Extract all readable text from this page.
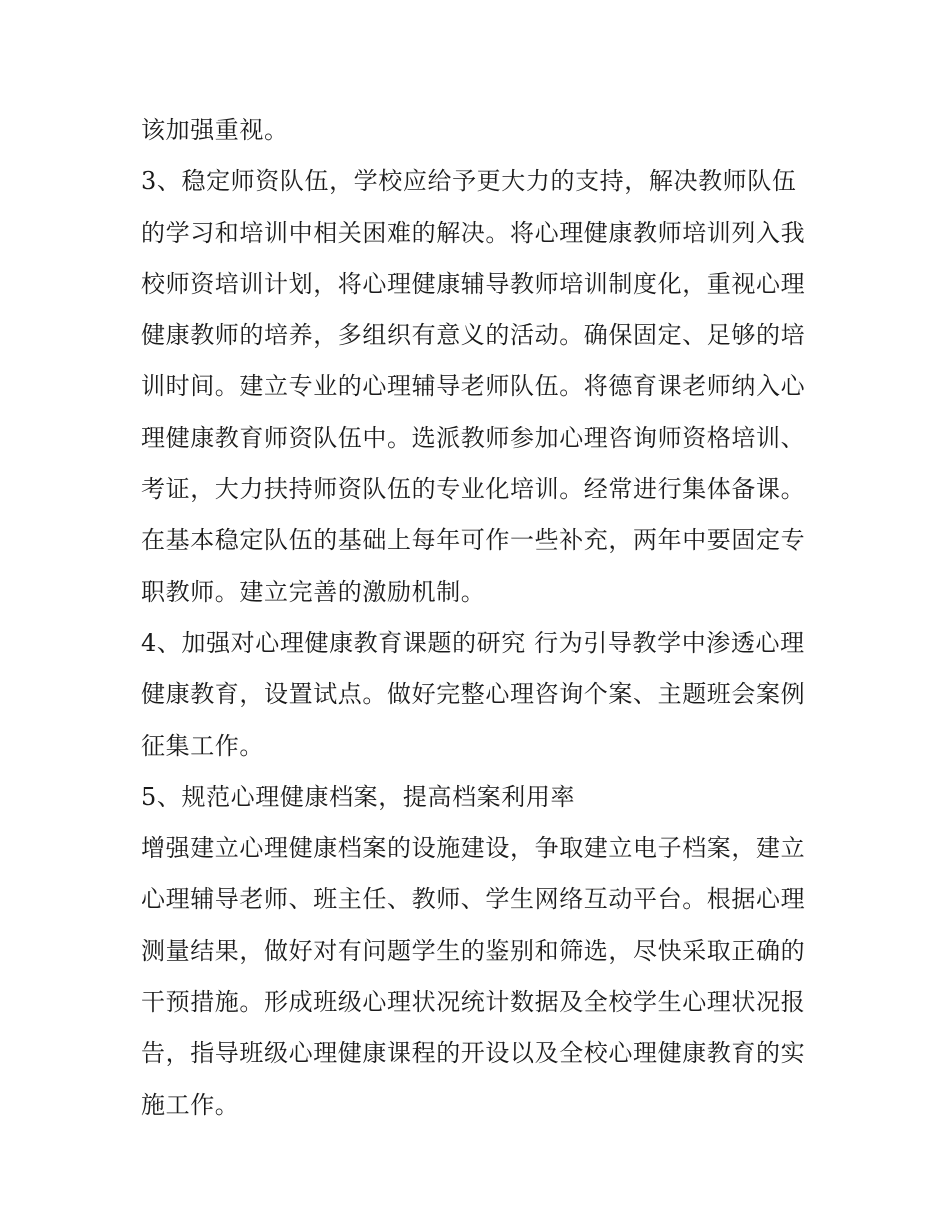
该加强重视。
3、稳定师资队伍，学校应给予更大力的支持，解决教师队伍
的学习和培训中相关困难的解决。将心理健康教师培训列入我
校师资培训计划，将心理健康辅导教师培训制度化，重视心理
健康教师的培养，多组织有意义的活动。确保固定、足够的培
训时间。建立专业的心理辅导老师队伍。将德育课老师纳入心
理健康教育师资队伍中。选派教师参加心理咨询师资格培训、
考证，大力扶持师资队伍的专业化培训。经常进行集体备课。
在基本稳定队伍的基础上每年可作一些补充，两年中要固定专
职教师。建立完善的激励机制。
4、加强对心理健康教育课题的研究 行为引导教学中渗透心理
健康教育，设置试点。做好完整心理咨询个案、主题班会案例
征集工作。
5、规范心理健康档案，提高档案利用率
增强建立心理健康档案的设施建设，争取建立电子档案，建立
心理辅导老师、班主任、教师、学生网络互动平台。根据心理
测量结果，做好对有问题学生的鉴别和筛选，尽快采取正确的
干预措施。形成班级心理状况统计数据及全校学生心理状况报
告，指导班级心理健康课程的开设以及全校心理健康教育的实
施工作。
